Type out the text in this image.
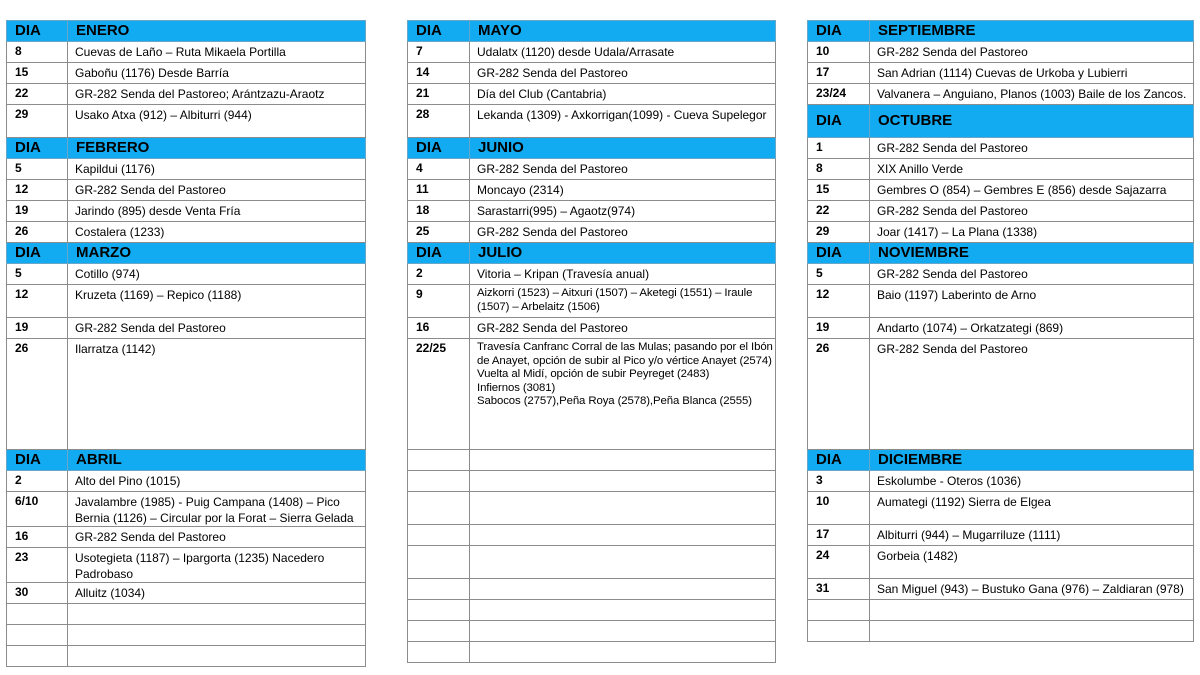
DIA	ENERO
8	Cuevas de Laño – Ruta Mikaela Portilla
15	Gaboñu (1176) Desde Barría
22	GR-282 Senda del Pastoreo; Arántzazu-Araotz
29	Usako Atxa (912) – Albiturri (944)
DIA	FEBRERO
5	Kapildui (1176)
12	GR-282 Senda del Pastoreo
19	Jarindo (895) desde Venta Fría
26	Costalera (1233)
DIA	MARZO
5	Cotillo (974)
12	Kruzeta (1169) – Repico (1188)
19	GR-282 Senda del Pastoreo
26	Ilarratza (1142)
DIA	ABRIL
2	Alto del Pino (1015)
6/10	Javalambre (1985) - Puig Campana (1408) – Pico Bernia (1126) – Circular por la Forat – Sierra Gelada
16	GR-282 Senda del Pastoreo
23	Usotegieta (1187) – Ipargorta (1235) Nacedero Padrobaso
30	Alluitz (1034)

DIA	MAYO
7	Udalatx (1120) desde Udala/Arrasate
14	GR-282 Senda del Pastoreo
21	Día del Club (Cantabria)
28	Lekanda (1309) - Axkorrigan(1099) - Cueva Supelegor
DIA	JUNIO
4	GR-282 Senda del Pastoreo
11	Moncayo (2314)
18	Sarastarri(995) – Agaotz(974)
25	GR-282 Senda del Pastoreo
DIA	JULIO
2	Vitoria – Kripan (Travesía anual)
9	Aizkorri (1523) – Aitxuri (1507) – Aketegi (1551) – Iraule (1507) – Arbelaitz (1506)
16	GR-282 Senda del Pastoreo
22/25	Travesía Canfranc Corral de las Mulas; pasando por el Ibón de Anayet, opción de subir al Pico y/o vértice Anayet (2574)
Vuelta al Midí, opción de subir Peyreget (2483)
Infiernos (3081)
Sabocos (2757),Peña Roya (2578),Peña Blanca (2555)

DIA	SEPTIEMBRE
10	GR-282 Senda del Pastoreo
17	San Adrian (1114) Cuevas de Urkoba y Lubierri
23/24	Valvanera – Anguiano, Planos (1003) Baile de los Zancos.
DIA	OCTUBRE
1	GR-282 Senda del Pastoreo
8	XIX Anillo Verde
15	Gembres O (854) – Gembres E (856) desde Sajazarra
22	GR-282 Senda del Pastoreo
29	Joar (1417) – La Plana (1338)
DIA	NOVIEMBRE
5	GR-282 Senda del Pastoreo
12	Baio (1197) Laberinto de Arno
19	Andarto (1074) – Orkatzategi (869)
26	GR-282 Senda del Pastoreo
DIA	DICIEMBRE
3	Eskolumbe - Oteros (1036)
10	Aumategi (1192) Sierra de Elgea
17	Albiturri (944) – Mugarriluze (1111)
24	Gorbeia (1482)
31	San Miguel (943) – Bustuko Gana (976) – Zaldiaran (978)
